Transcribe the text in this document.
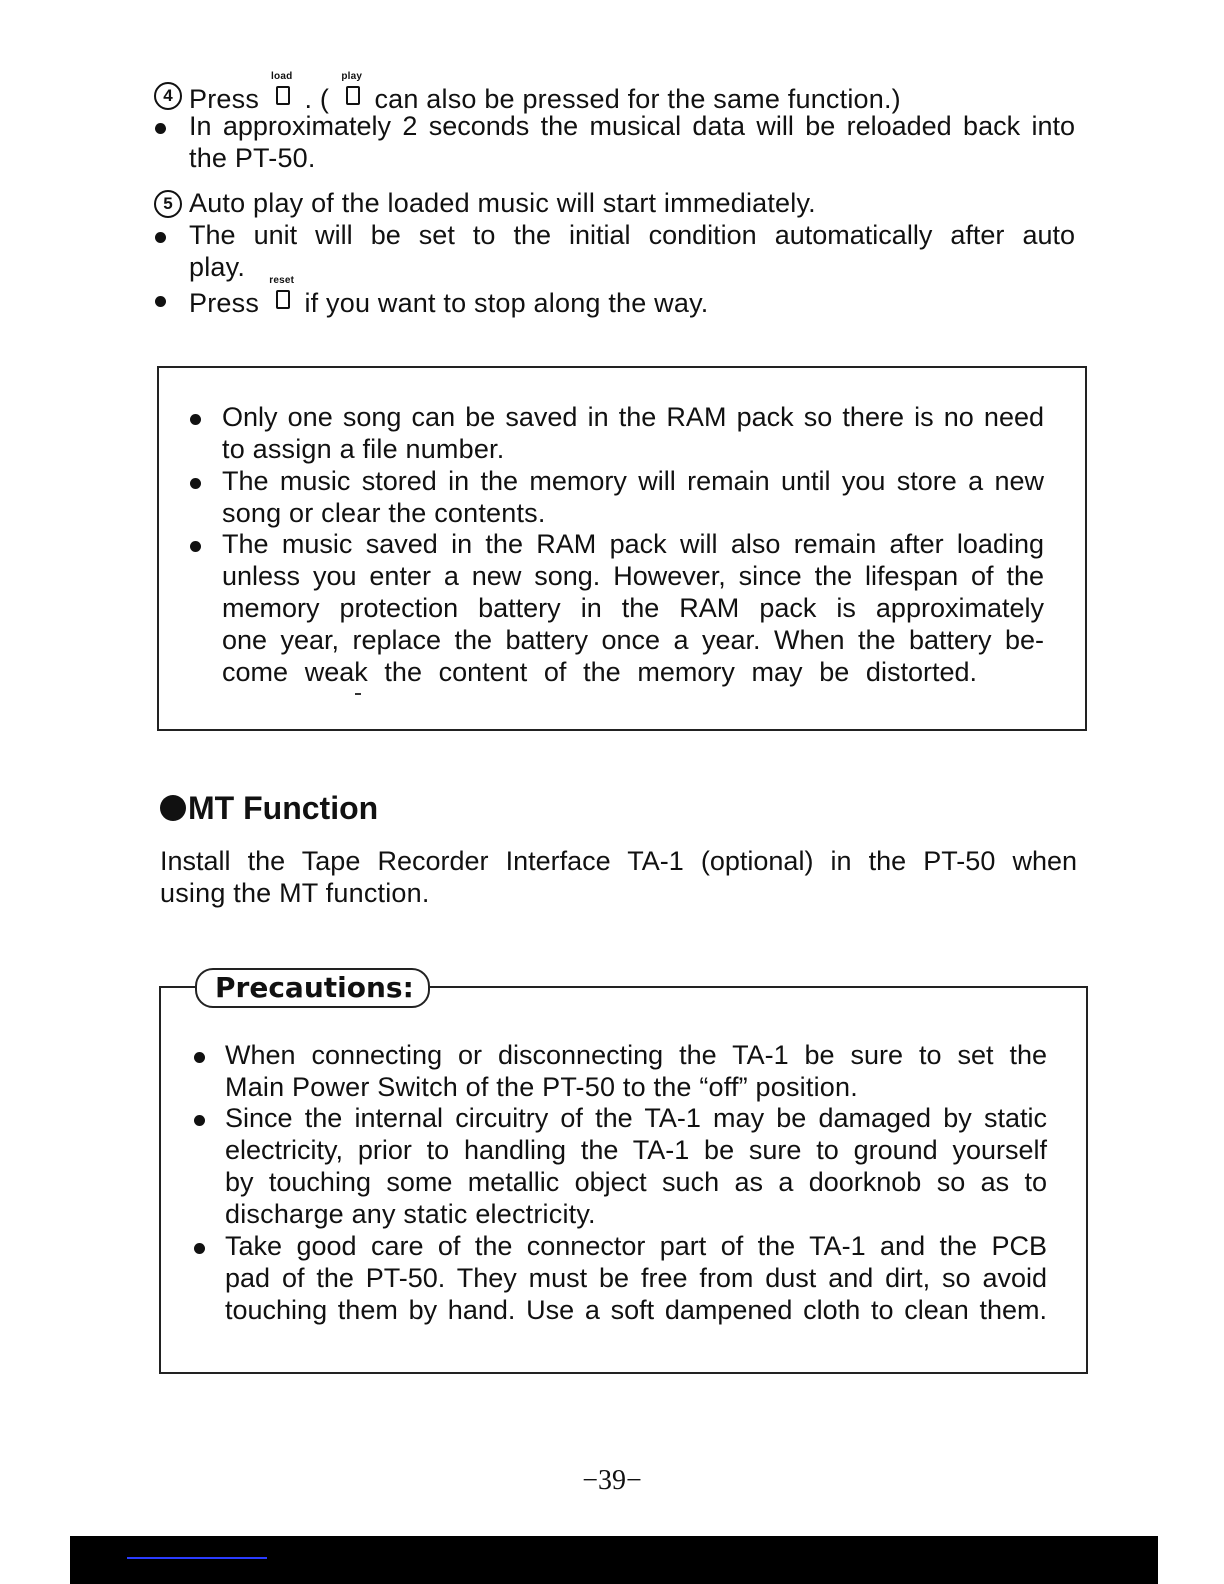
4 Press
load
. (
play
can also be pressed for the same function.)
In approximately 2 seconds the musical data will be reloaded back into
the PT-50.
5 Auto play of the loaded music will start immediately.
The unit will be set to the initial condition automatically after auto
play.
Press
reset
if you want to stop along the way.
Only one song can be saved in the RAM pack so there is no need
to assign a file number.
The music stored in the memory will remain until you store a new
song or clear the contents.
The music saved in the RAM pack will also remain after loading
unless you enter a new song. However, since the lifespan of the
memory protection battery in the RAM pack is approximately
one year, replace the battery once a year. When the battery be-
come weak the content of the memory may be distorted.
MT Function
Install the Tape Recorder Interface TA-1 (optional) in the PT-50 when
using the MT function.
Precautions:
When connecting or disconnecting the TA-1 be sure to set the
Main Power Switch of the PT-50 to the “off” position.
Since the internal circuitry of the TA-1 may be damaged by static
electricity, prior to handling the TA-1 be sure to ground yourself
by touching some metallic object such as a doorknob so as to
discharge any static electricity.
Take good care of the connector part of the TA-1 and the PCB
pad of the PT-50. They must be free from dust and dirt, so avoid
touching them by hand. Use a soft dampened cloth to clean them.
−39−
